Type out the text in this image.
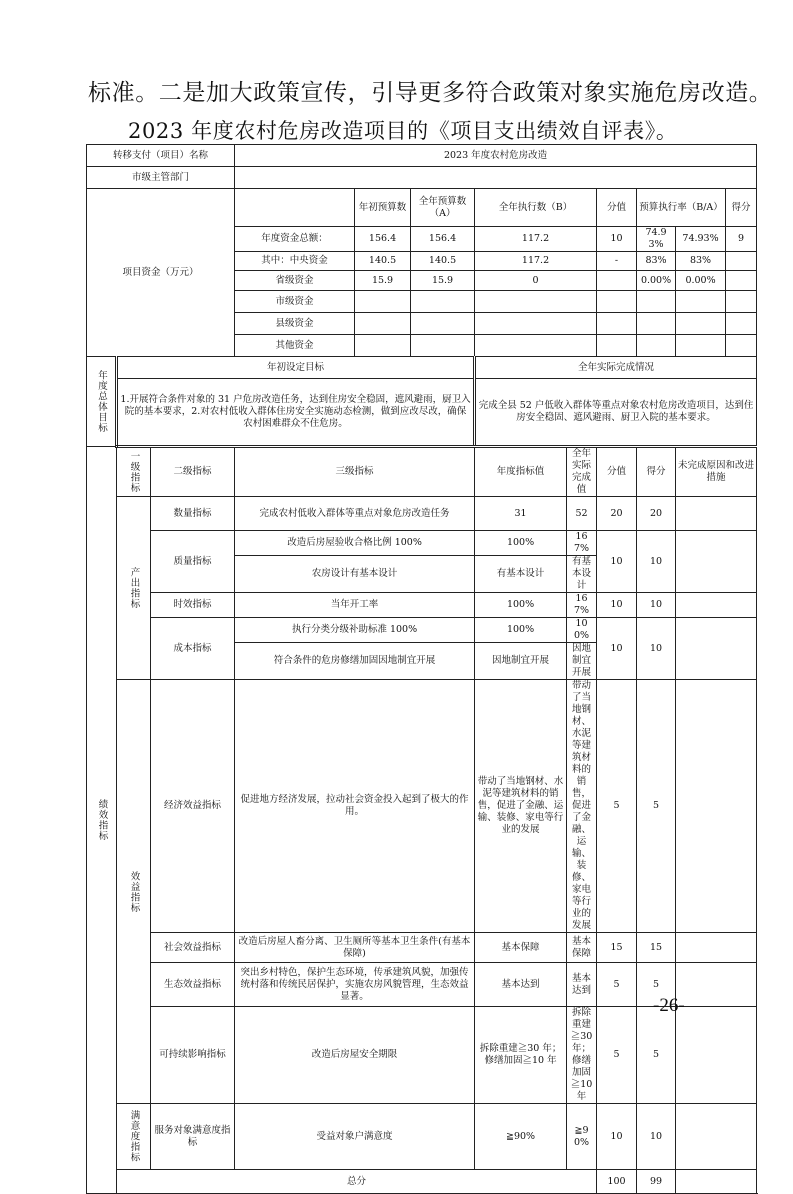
标准。二是加大政策宣传，引导更多符合政策对象实施危房改造。
2023 年度农村危房改造项目的《项目支出绩效自评表》。
转移支付（项目）名称			2023 年度农村危房改造								
市级主管部门											
项目资金（万元）				年初预算数	全年预算数（A）	全年执行数（B）		分值	预算执行率（B/A）		得分
			年度资金总额：	156.4	156.4	117.2		10	74.93%	74.93%	9
			其中：中央资金	140.5	140.5	117.2		-	83%	83%	
			省级资金	15.9	15.9	0			0.00%	0.00%	
			市级资金								
			县级资金								
			其他资金								
年度总体目标	年初设定目标					全年实际完成情况					
	1.开展符合条件对象的 31 户危房改造任务，达到住房安全稳固，遮风避雨，厨卫入院的基本要求，2.对农村低收入群体住房安全实施动态检测，做到应改尽改，确保农村困难群众不住危房。					完成全县 52 户低收入群体等重点对象农村危房改造项目，达到住房安全稳固、遮风避雨、厨卫入院的基本要求。					
绩效指标	一级指标	二级指标	三级指标			年度指标值	全年实际完成值	分值	得分	未完成原因和改进措施	
	产出指标	数量指标	完成农村低收入群体等重点对象危房改造任务			31	52	20	20		
		质量指标	改造后房屋验收合格比例 100%			100%	167%	10	10		
			农房设计有基本设计			有基本设计	有基本设计				
		时效指标	当年开工率			100%	167%	10	10		
		成本指标	执行分类分级补助标准 100%			100%	100%	10	10		
			符合条件的危房修缮加固因地制宜开展			因地制宜开展	因地制宜开展				

	效益指标	经济效益指标	促进地方经济发展，拉动社会资金投入起到了极大的作用。			带动了当地钢材、水泥等建筑材料的销售，促进了金融、运输、装修、家电等行业的发展	带动了当地钢材、水泥等建筑材料的销售，促进了金融、运输、装修、家电等行业的发展	5	5		
		社会效益指标	改造后房屋人畜分离、卫生厕所等基本卫生条件(有基本保障)			基本保障	基本保障	15	15		
		生态效益指标	突出乡村特色，保护生态环境，传承建筑风貌，加强传统村落和传统民居保护，实施农房风貌管理，生态效益显著。			基本达到	基本达到	5	5		
		可持续影响指标	改造后房屋安全期限			拆除重建≧30 年；修缮加固≧10 年	拆除重建≧30 年；修缮加固≧10 年	5	5		
	满意度指标	服务对象满意度指标	受益对象户满意度			≧90%	≧90%	10	10		
	总分							100	99		
-26-
